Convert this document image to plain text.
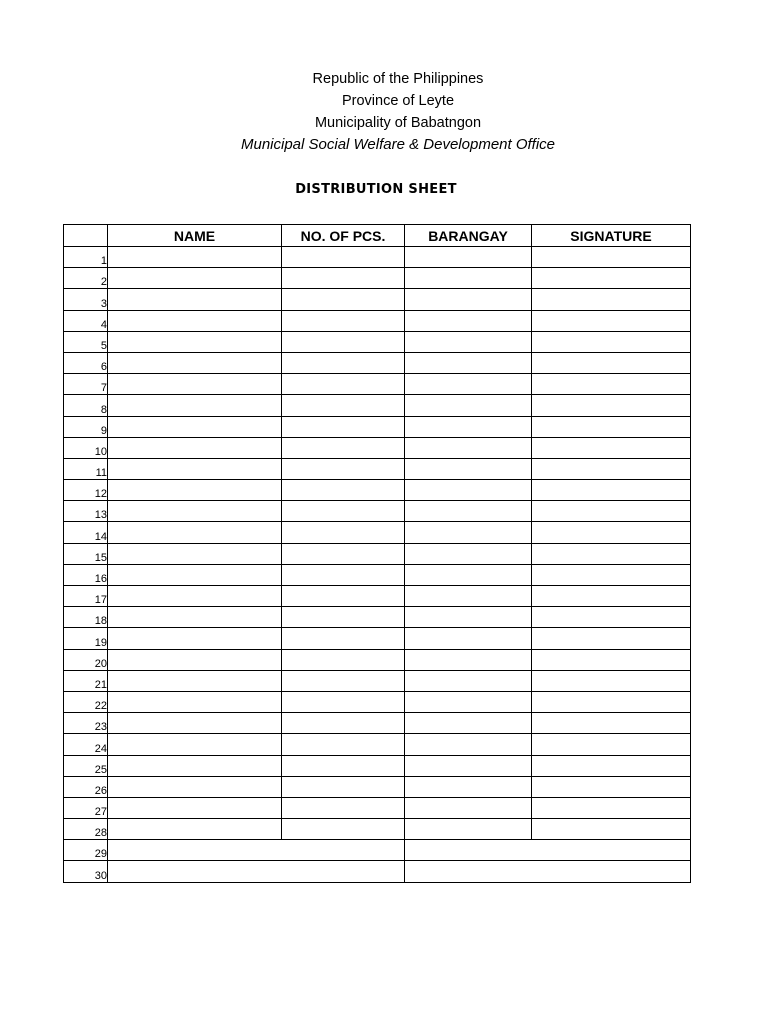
Republic of the Philippines
Province of Leyte
Municipality of Babatngon
Municipal Social Welfare & Development Office
DISTRIBUTION SHEET
	NAME	NO. OF PCS.	BARANGAY	SIGNATURE
1				
2				
3				
4				
5				
6				
7				
8				
9				
10				
11				
12				
13				
14				
15				
16				
17				
18				
19				
20				
21				
22				
23				
24				
25				
26				
27				
28				
29				
30				
